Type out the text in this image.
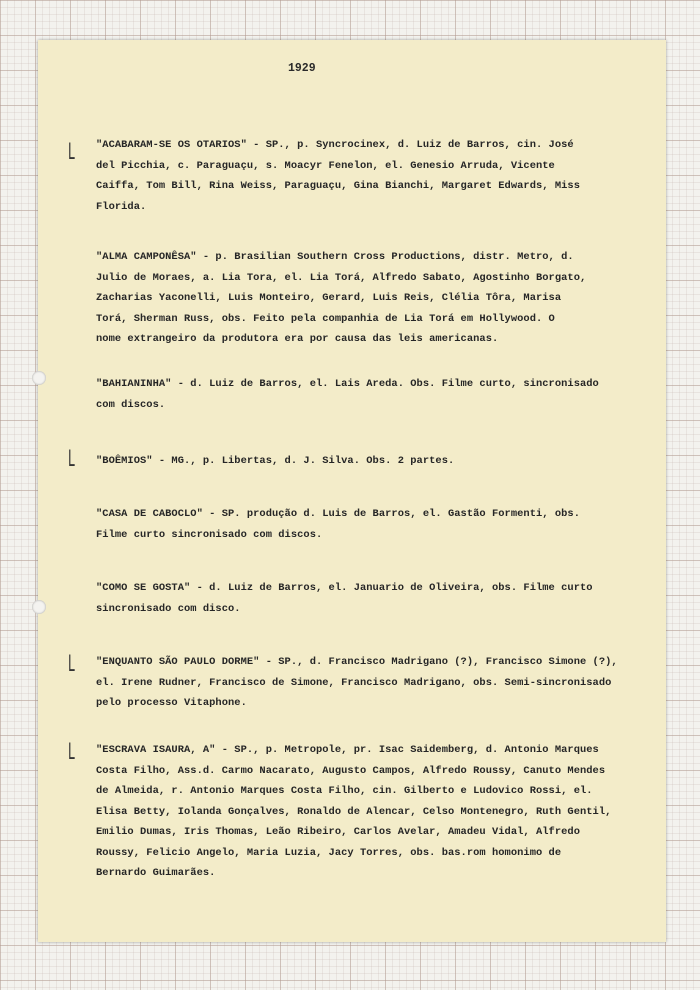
1929
L
L
L
L
"ACABARAM-SE OS OTARIOS" - SP., p. Syncrocinex, d. Luiz de Barros, cin. José
del Picchia, c. Paraguaçu, s. Moacyr Fenelon, el. Genesio Arruda, Vicente
Caiffa, Tom Bill, Rina Weiss, Paraguaçu, Gina Bianchi, Margaret Edwards, Miss
Florida.
"ALMA CAMPONÊSA" - p. Brasilian Southern Cross Productions, distr. Metro, d.
Julio de Moraes, a. Lia Tora, el. Lia Torá, Alfredo Sabato, Agostinho Borgato,
Zacharias Yaconelli, Luis Monteiro, Gerard, Luis Reis, Clélia Tôra, Marisa
Torá, Sherman Russ, obs. Feito pela companhia de Lia Torá em Hollywood. O
nome extrangeiro da produtora era por causa das leis americanas.
"BAHIANINHA" - d. Luiz de Barros, el. Lais Areda. Obs. Filme curto, sincronisado
com discos.
"BOÊMIOS" - MG., p. Libertas, d. J. Silva. Obs. 2 partes.
"CASA DE CABOCLO" - SP. produção d. Luis de Barros, el. Gastão Formenti, obs.
Filme curto sincronisado com discos.
"COMO SE GOSTA" - d. Luiz de Barros, el. Januario de Oliveira, obs. Filme curto
sincronisado com disco.
"ENQUANTO SÃO PAULO DORME" - SP., d. Francisco Madrigano (?), Francisco Simone (?),
el. Irene Rudner, Francisco de Simone, Francisco Madrigano, obs. Semi-sincronisado
pelo processo Vitaphone.
"ESCRAVA ISAURA, A" - SP., p. Metropole, pr. Isac Saidemberg, d. Antonio Marques
Costa Filho, Ass.d. Carmo Nacarato, Augusto Campos, Alfredo Roussy, Canuto Mendes
de Almeida, r. Antonio Marques Costa Filho, cin. Gilberto e Ludovico Rossi, el.
Elisa Betty, Iolanda Gonçalves, Ronaldo de Alencar, Celso Montenegro, Ruth Gentil,
Emilio Dumas, Iris Thomas, Leão Ribeiro, Carlos Avelar, Amadeu Vidal, Alfredo
Roussy, Felicio Angelo, Maria Luzia, Jacy Torres, obs. bas.rom homonimo de
Bernardo Guimarães.
